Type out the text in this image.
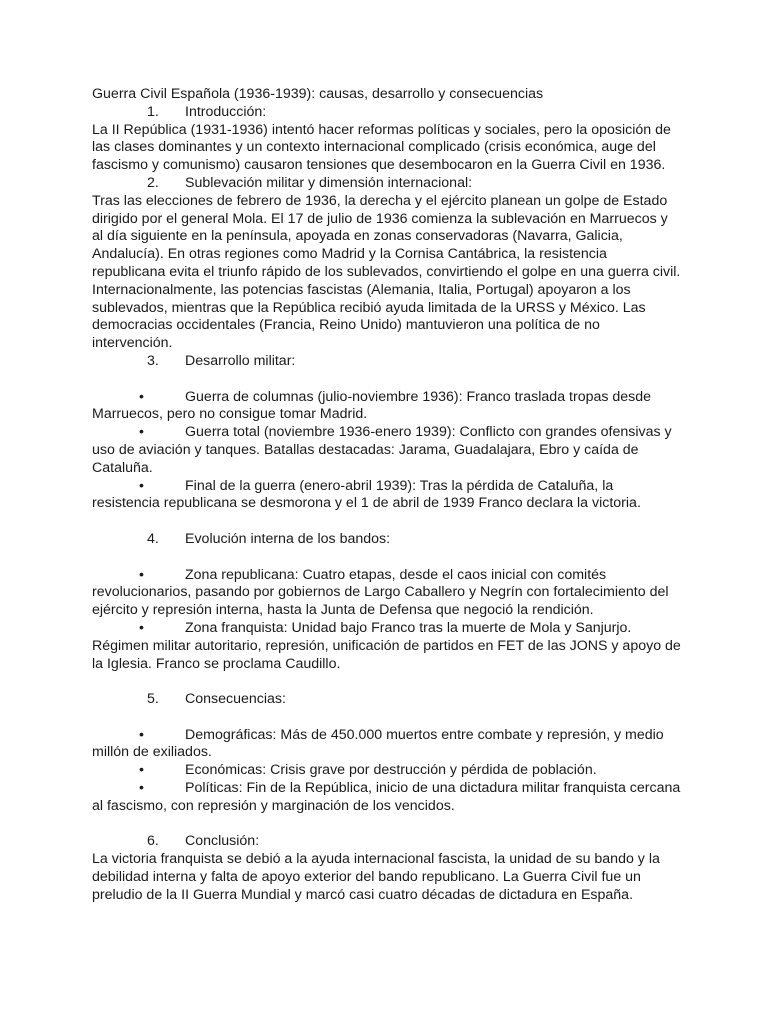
Guerra Civil Española (1936-1939): causas, desarrollo y consecuencias

1.	Introducción:

La II República (1931-1936) intentó hacer reformas políticas y sociales, pero la oposición de las clases dominantes y un contexto internacional complicado (crisis económica, auge del fascismo y comunismo) causaron tensiones que desembocaron en la Guerra Civil en 1936.

2.	Sublevación militar y dimensión internacional:

Tras las elecciones de febrero de 1936, la derecha y el ejército planean un golpe de Estado dirigido por el general Mola. El 17 de julio de 1936 comienza la sublevación en Marruecos y al día siguiente en la península, apoyada en zonas conservadoras (Navarra, Galicia, Andalucía). En otras regiones como Madrid y la Cornisa Cantábrica, la resistencia republicana evita el triunfo rápido de los sublevados, convirtiendo el golpe en una guerra civil.

Internacionalmente, las potencias fascistas (Alemania, Italia, Portugal) apoyaron a los sublevados, mientras que la República recibió ayuda limitada de la URSS y México. Las democracias occidentales (Francia, Reino Unido) mantuvieron una política de no intervención.

3.	Desarrollo militar:

•	Guerra de columnas (julio-noviembre 1936): Franco traslada tropas desde Marruecos, pero no consigue tomar Madrid.

•	Guerra total (noviembre 1936-enero 1939): Conflicto con grandes ofensivas y uso de aviación y tanques. Batallas destacadas: Jarama, Guadalajara, Ebro y caída de Cataluña.

•	Final de la guerra (enero-abril 1939): Tras la pérdida de Cataluña, la resistencia republicana se desmorona y el 1 de abril de 1939 Franco declara la victoria.

4.	Evolución interna de los bandos:

•	Zona republicana: Cuatro etapas, desde el caos inicial con comités revolucionarios, pasando por gobiernos de Largo Caballero y Negrín con fortalecimiento del ejército y represión interna, hasta la Junta de Defensa que negoció la rendición.

•	Zona franquista: Unidad bajo Franco tras la muerte de Mola y Sanjurjo. Régimen militar autoritario, represión, unificación de partidos en FET de las JONS y apoyo de la Iglesia. Franco se proclama Caudillo.

5.	Consecuencias:

•	Demográficas: Más de 450.000 muertos entre combate y represión, y medio millón de exiliados.

•	Económicas: Crisis grave por destrucción y pérdida de población.

•	Políticas: Fin de la República, inicio de una dictadura militar franquista cercana al fascismo, con represión y marginación de los vencidos.

6.	Conclusión:

La victoria franquista se debió a la ayuda internacional fascista, la unidad de su bando y la debilidad interna y falta de apoyo exterior del bando republicano. La Guerra Civil fue un preludio de la II Guerra Mundial y marcó casi cuatro décadas de dictadura en España.
